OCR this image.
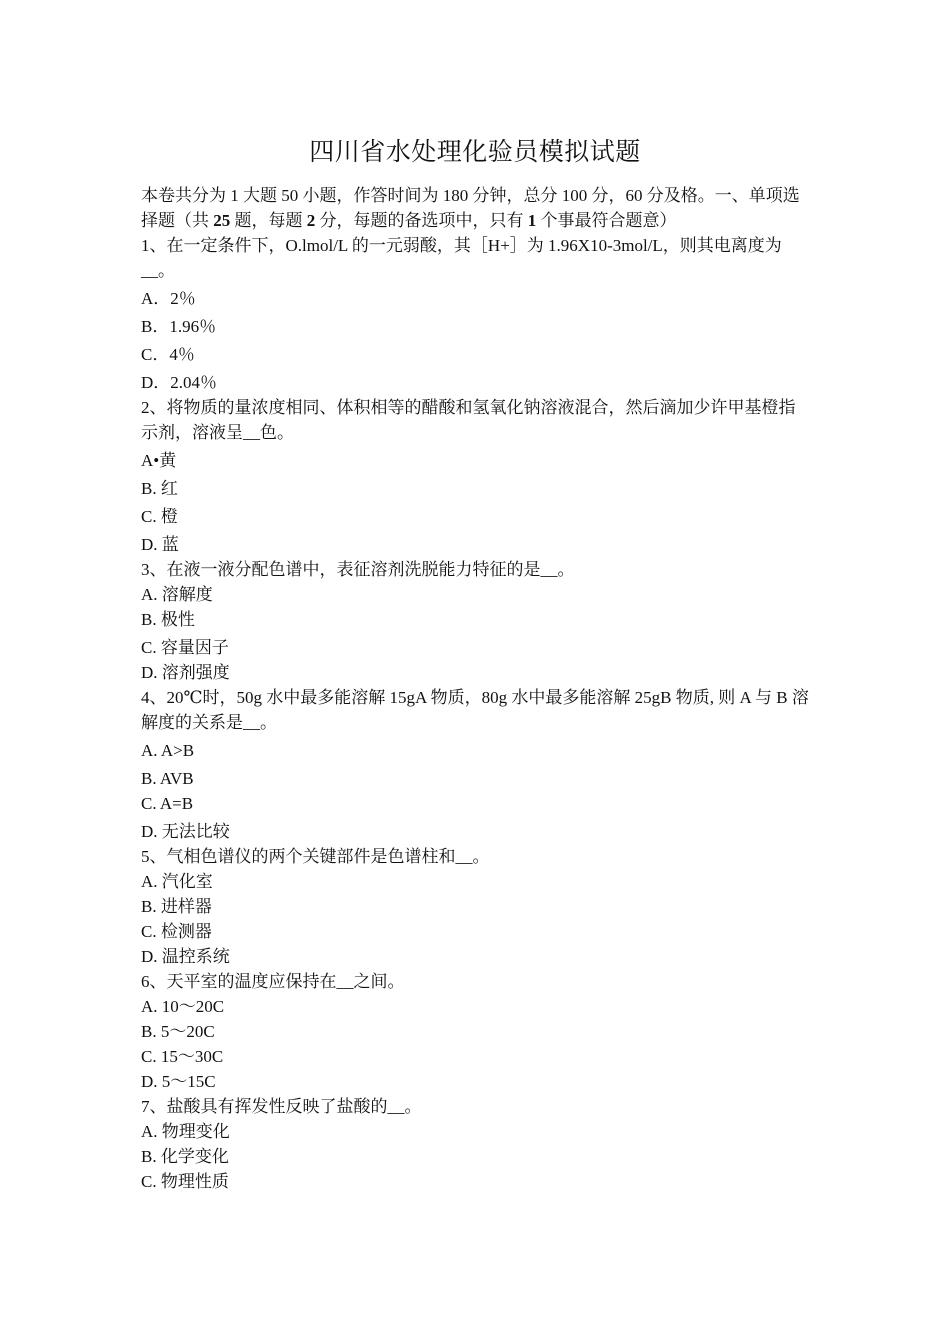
四川省水处理化验员模拟试题

本卷共分为 1 大题 50 小题，作答时间为 180 分钟，总分 100 分，60 分及格。一、单项选择题（共 25 题，每题 2 分，每题的备选项中，只有 1 个事最符合题意）

1、在一定条件下，O.lmol/L 的一元弱酸，其［H+］为 1.96X10-3mol/L，则其电离度为__。

A．2％

B．1.96％

C．4％

D．2.04％

2、将物质的量浓度相同、体积相等的醋酸和氢氧化钠溶液混合，然后滴加少许甲基橙指示剂，溶液呈__色。

A•黄

B. 红

C. 橙

D. 蓝

3、在液一液分配色谱中，表征溶剂洗脱能力特征的是__。

A. 溶解度

B. 极性

C. 容量因子

D. 溶剂强度

4、20℃时，50g 水中最多能溶解 15gA 物质，80g 水中最多能溶解 25gB 物质, 则 A 与 B 溶解度的关系是__。

A. A>B

B. AVB

C. A=B

D. 无法比较

5、气相色谱仪的两个关键部件是色谱柱和__。

A. 汽化室

B. 进样器

C. 检测器

D. 温控系统

6、天平室的温度应保持在__之间。

A. 10〜20C

B. 5〜20C

C. 15〜30C

D. 5〜15C

7、盐酸具有挥发性反映了盐酸的__。

A. 物理变化

B. 化学变化

C. 物理性质
